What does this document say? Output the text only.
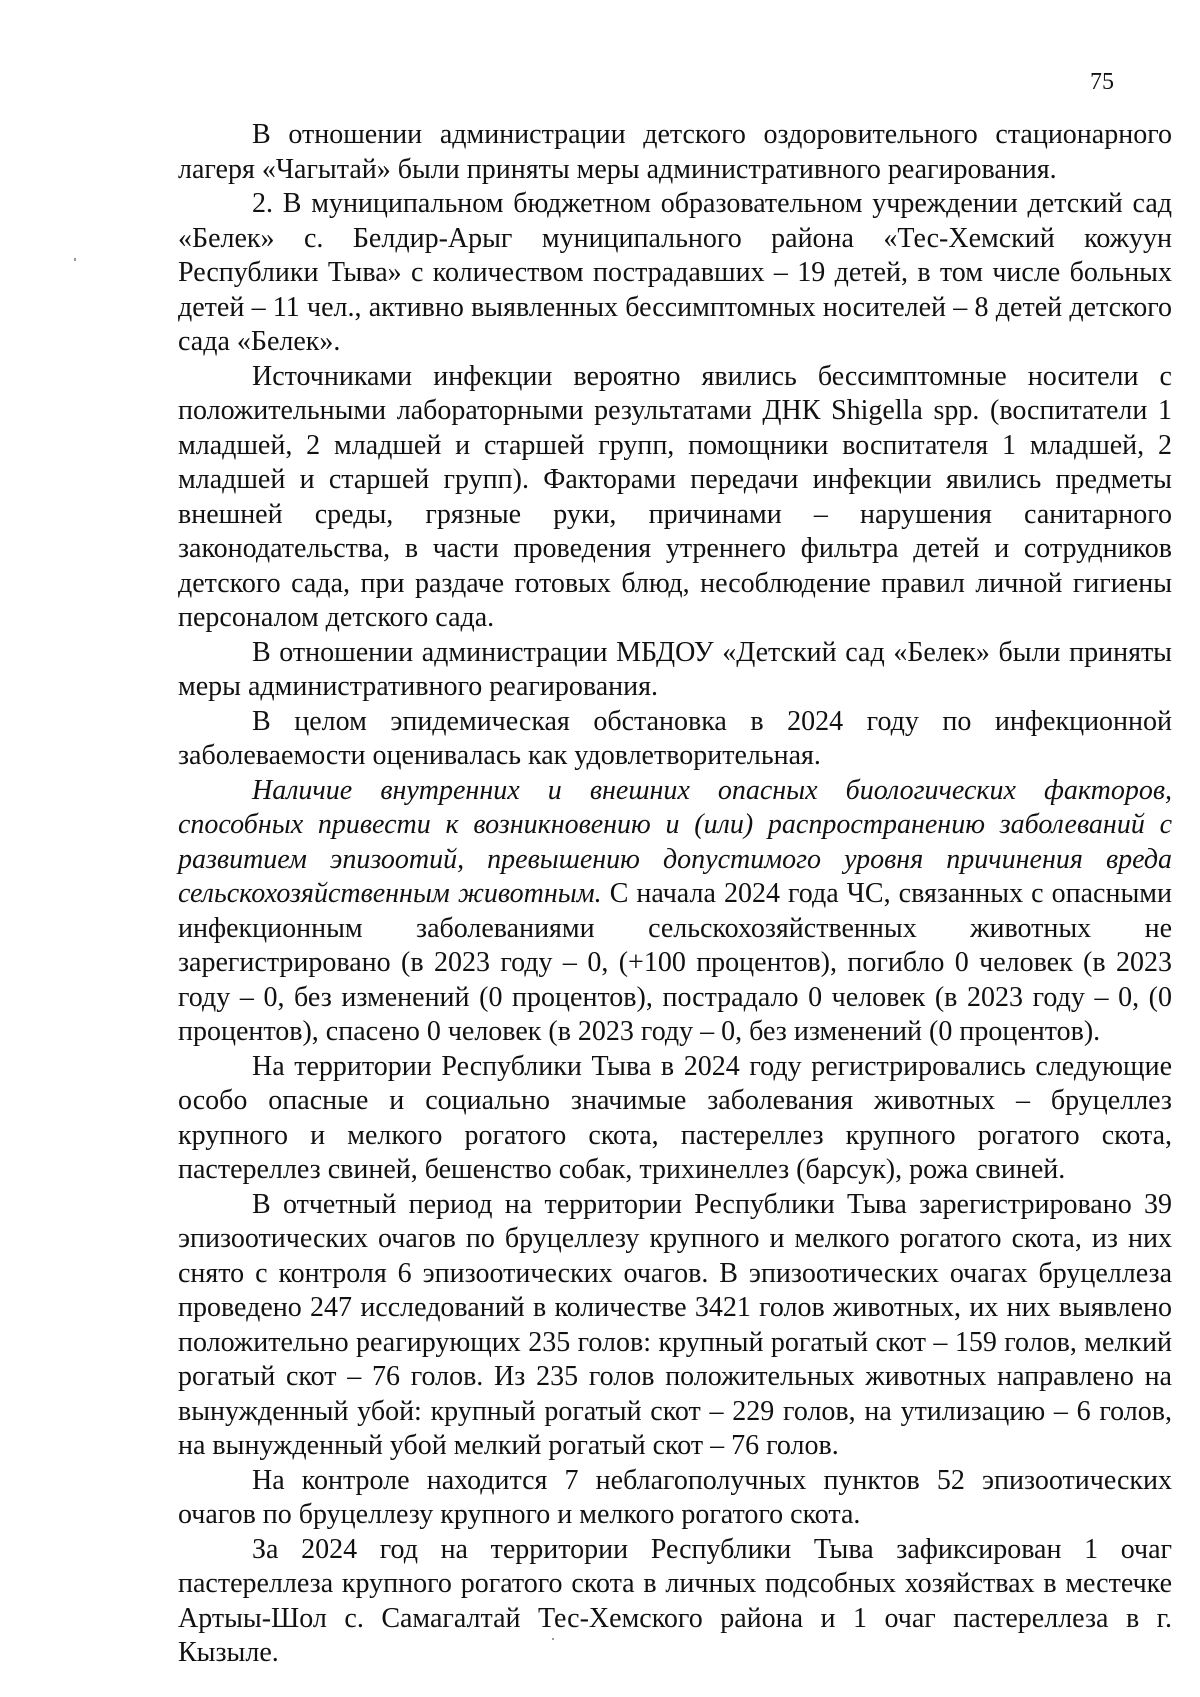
75

В отношении администрации детского оздоровительного стационарного лагеря «Чагытай» были приняты меры административного реагирования.

2. В муниципальном бюджетном образовательном учреждении детский сад «Белек» с. Белдир-Арыг муниципального района «Тес-Хемский кожуун Республики Тыва» с количеством пострадавших – 19 детей, в том числе больных детей – 11 чел., активно выявленных бессимптомных носителей – 8 детей детского сада «Белек».

Источниками инфекции вероятно явились бессимптомные носители с положительными лабораторными результатами ДНК Shigella spp. (воспитатели 1 младшей, 2 младшей и старшей групп, помощники воспитателя 1 младшей, 2 младшей и старшей групп). Факторами передачи инфекции явились предметы внешней среды, грязные руки, причинами – нарушения санитарного законодательства, в части проведения утреннего фильтра детей и сотрудников детского сада, при раздаче готовых блюд, несоблюдение правил личной гигиены персоналом детского сада.

В отношении администрации МБДОУ «Детский сад «Белек» были приняты меры административного реагирования.

В целом эпидемическая обстановка в 2024 году по инфекционной заболеваемости оценивалась как удовлетворительная.

Наличие внутренних и внешних опасных биологических факторов, способных привести к возникновению и (или) распространению заболеваний с развитием эпизоотий, превышению допустимого уровня причинения вреда сельскохозяйственным животным. С начала 2024 года ЧС, связанных с опасными инфекционным заболеваниями сельскохозяйственных животных не зарегистрировано (в 2023 году – 0, (+100 процентов), погибло 0 человек (в 2023 году – 0, без изменений (0 процентов), пострадало 0 человек (в 2023 году – 0, (0 процентов), спасено 0 человек (в 2023 году – 0, без изменений (0 процентов).

На территории Республики Тыва в 2024 году регистрировались следующие особо опасные и социально значимые заболевания животных – бруцеллез крупного и мелкого рогатого скота, пастереллез крупного рогатого скота, пастереллез свиней, бешенство собак, трихинеллез (барсук), рожа свиней.

В отчетный период на территории Республики Тыва зарегистрировано 39 эпизоотических очагов по бруцеллезу крупного и мелкого рогатого скота, из них снято с контроля 6 эпизоотических очагов. В эпизоотических очагах бруцеллеза проведено 247 исследований в количестве 3421 голов животных, их них выявлено положительно реагирующих 235 голов: крупный рогатый скот – 159 голов, мелкий рогатый скот – 76 голов. Из 235 голов положительных животных направлено на вынужденный убой: крупный рогатый скот – 229 голов, на утилизацию – 6 голов, на вынужденный убой мелкий рогатый скот – 76 голов.

На контроле находится 7 неблагополучных пунктов 52 эпизоотических очагов по бруцеллезу крупного и мелкого рогатого скота.

За 2024 год на территории Республики Тыва зафиксирован 1 очаг пастереллеза крупного рогатого скота в личных подсобных хозяйствах в местечке Артыы-Шол с. Самагалтай Тес-Хемского района и 1 очаг пастереллеза в г. Кызыле.
